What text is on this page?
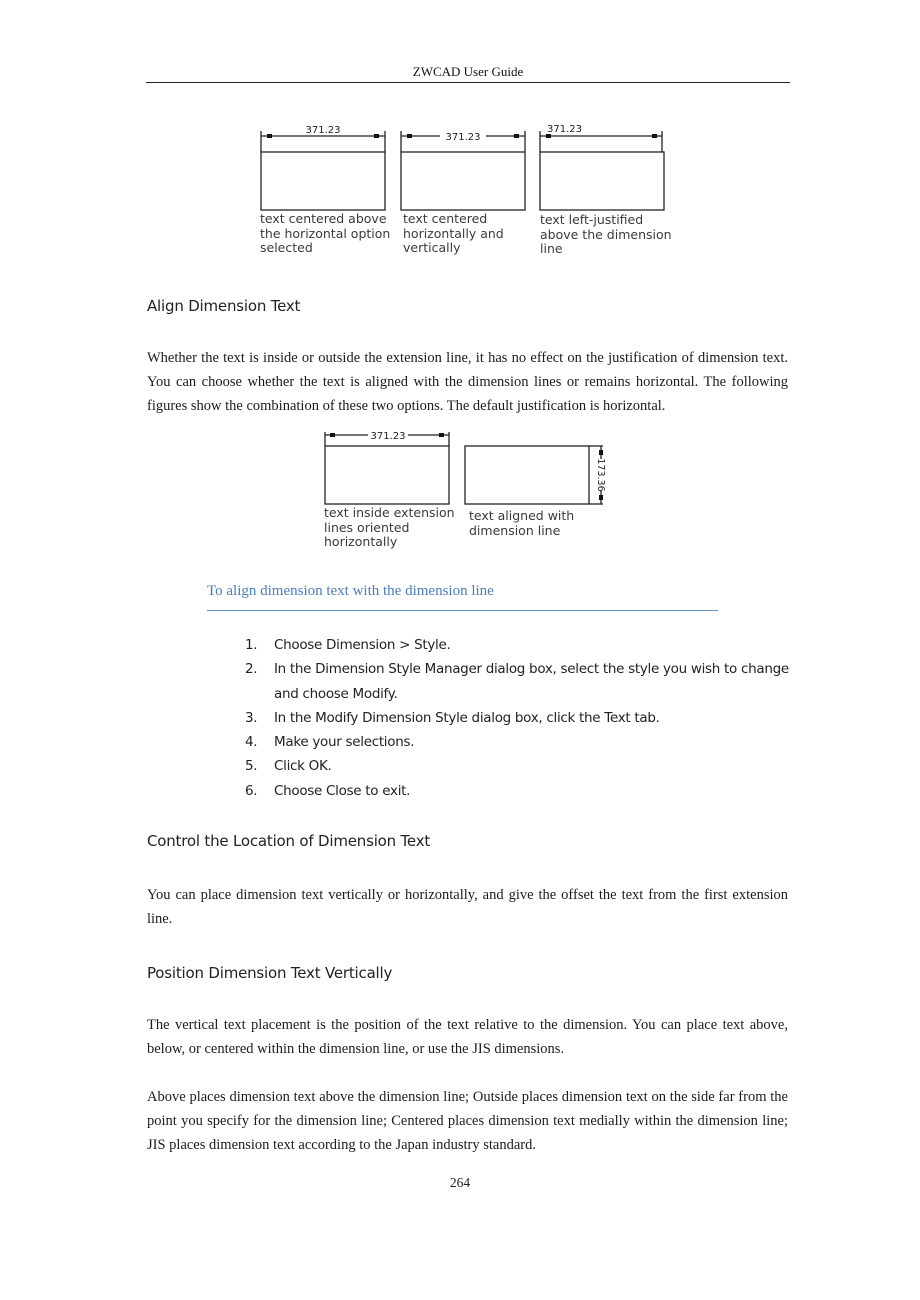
ZWCAD User Guide
371.23
371.23
371.23
text centered above
the horizontal option
selected
text centered
horizontally and
vertically
text left-justified
above the dimension
line
Align Dimension Text
Whether the text is inside or outside the extension line, it has no effect on the justification of dimension text. You can choose whether the text is aligned with the dimension lines or remains horizontal. The following figures show the combination of these two options. The default justification is horizontal.
371.23
173.36
text inside extension
lines oriented
horizontally
text aligned with
dimension line
To align dimension text with the dimension line
1.	Choose Dimension > Style.
2.	In the Dimension Style Manager dialog box, select the style you wish to change and choose Modify.
3.	In the Modify Dimension Style dialog box, click the Text tab.
4.	Make your selections.
5.	Click OK.
6.	Choose Close to exit.
Control the Location of Dimension Text
You can place dimension text vertically or horizontally, and give the offset the text from the first extension line.
Position Dimension Text Vertically
The vertical text placement is the position of the text relative to the dimension. You can place text above, below, or centered within the dimension line, or use the JIS dimensions.
Above places dimension text above the dimension line; Outside places dimension text on the side far from the point you specify for the dimension line; Centered places dimension text medially within the dimension line; JIS places dimension text according to the Japan industry standard.
264
